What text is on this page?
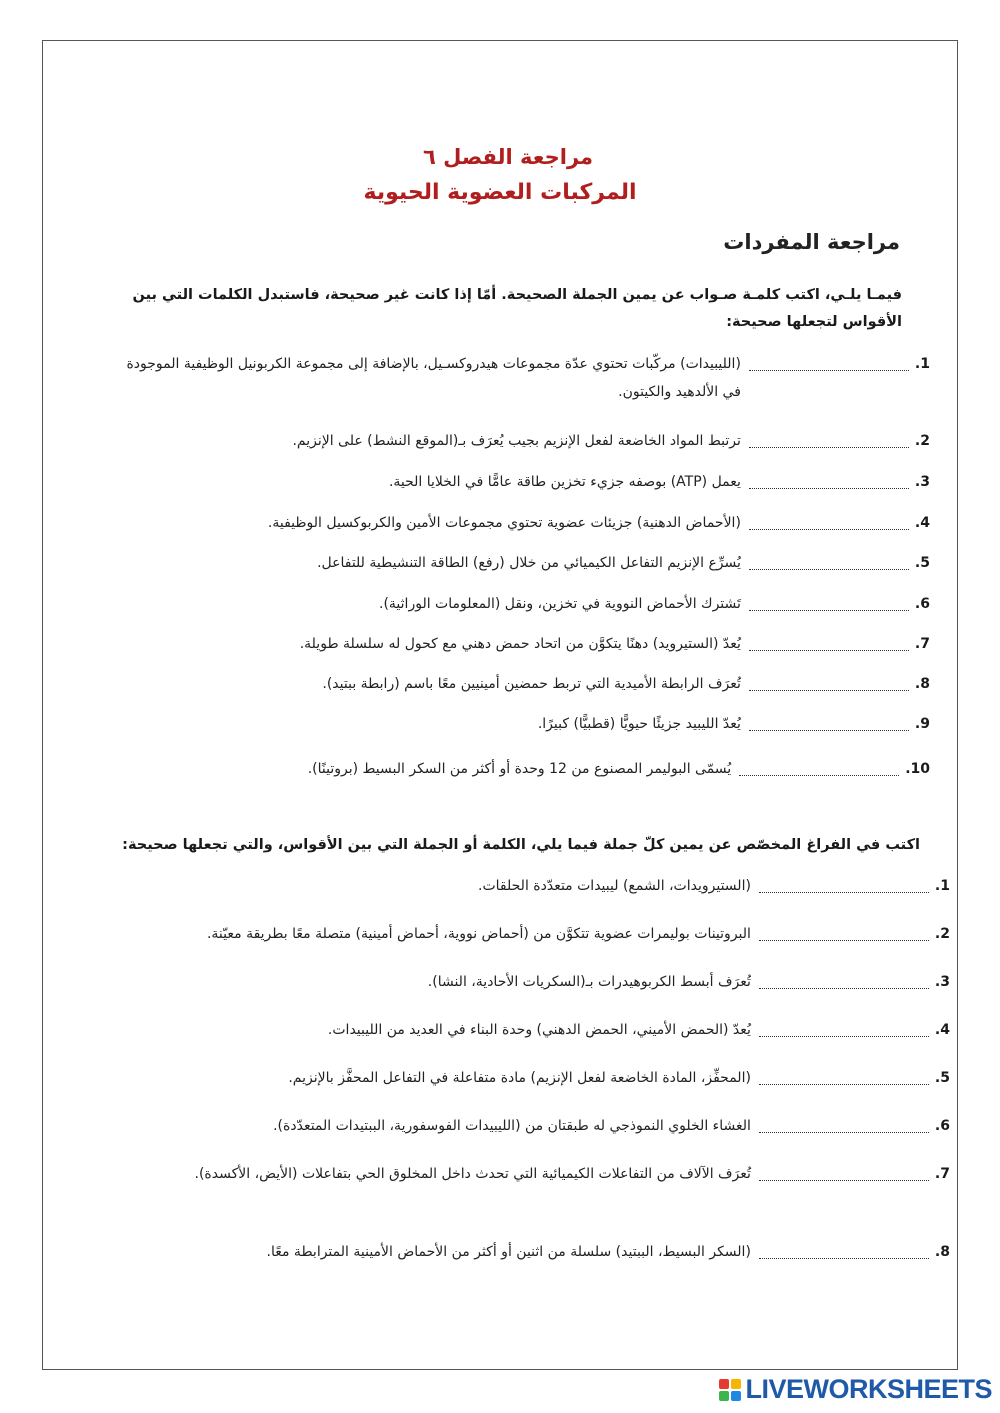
مراجعة الفصل ٦
المركبات العضوية الحيوية
مراجعة المفردات
فيمـا يلـي، اكتب كلمـة صـواب عن يمين الجملة الصحيحة. أمّا إذا كانت غير صحيحة، فاستبدل الكلمات التي بين الأقواس لتجعلها صحيحة:
1.
(الليبيدات) مركّبات تحتوي عدّة مجموعات هيدروكسـيل، بالإضافة إلى مجموعة الكربونيل الوظيفية الموجودة في الألدهيد والكيتون.
2.
ترتبط المواد الخاضعة لفعل الإنزيم بجيب يُعرَف بـ(الموقع النشط) على الإنزيم.
3.
يعمل (ATP) بوصفه جزيء تخزين طاقة عامًّا في الخلايا الحية.
4.
(الأحماض الدهنية) جزيئات عضوية تحتوي مجموعات الأمين والكربوكسيل الوظيفية.
5.
يُسرِّع الإنزيم التفاعل الكيميائي من خلال (رفع) الطاقة التنشيطية للتفاعل.
6.
تَشترك الأحماض النووية في تخزين، ونقل (المعلومات الوراثية).
7.
يُعدّ (الستيرويد) دهنًا يتكوَّن من اتحاد حمض دهني مع كحول له سلسلة طويلة.
8.
تُعرَف الرابطة الأميدية التي تربط حمضين أمينيين معًا باسم (رابطة ببتيد).
9.
يُعدّ الليبيد جزيئًا حيويًّا (قطبيًّا) كبيرًا.
10.
يُسمّى البوليمر المصنوع من 12 وحدة أو أكثر من السكر البسيط (بروتينًا).
اكتب في الفراغ المخصّص عن يمين كلّ جملة فيما يلي، الكلمة أو الجملة التي بين الأقواس، والتي تجعلها صحيحة:
1.
(الستيرويدات، الشمع) ليبيدات متعدّدة الحلقات.
2.
البروتينات بوليمرات عضوية تتكوَّن من (أحماض نووية، أحماض أمينية) متصلة معًا بطريقة معيّنة.
3.
تُعرَف أبسط الكربوهيدرات بـ(السكريات الأحادية، النشا).
4.
يُعدّ (الحمض الأميني، الحمض الدهني) وحدة البناء في العديد من الليبيدات.
5.
(المحفِّز، المادة الخاضعة لفعل الإنزيم) مادة متفاعلة في التفاعل المحفَّز بالإنزيم.
6.
الغشاء الخلوي النموذجي له طبقتان من (الليبيدات الفوسفورية، الببتيدات المتعدّدة).
7.
تُعرَف الآلاف من التفاعلات الكيميائية التي تحدث داخل المخلوق الحي بتفاعلات (الأيض، الأكسدة).
8.
(السكر البسيط، الببتيد) سلسلة من اثنين أو أكثر من الأحماض الأمينية المترابطة معًا.
LIVEWORKSHEETS
